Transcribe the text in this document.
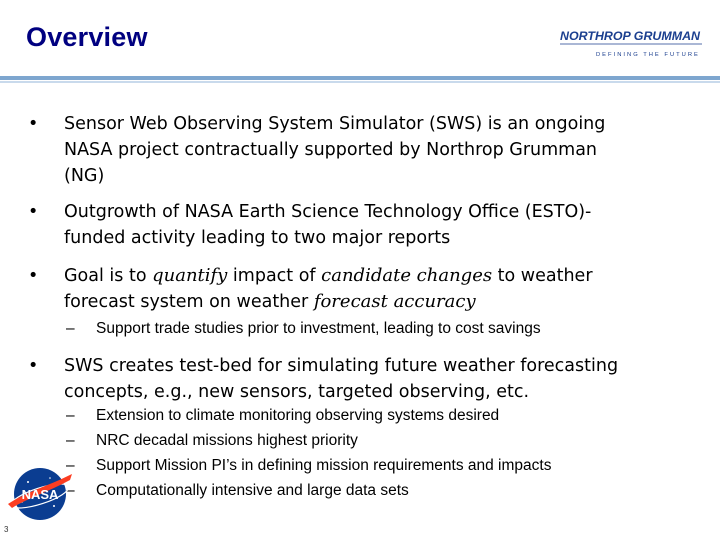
Overview	NORTHROP GRUMMAN
DEFINING THE FUTURE
•	Sensor Web Observing System Simulator (SWS) is an ongoing
NASA project contractually supported by Northrop Grumman
(NG)
•	Outgrowth of NASA Earth Science Technology Office (ESTO)-
funded activity leading to two major reports
•	Goal is to quantify impact of candidate changes to weather
forecast system on weather forecast accuracy
– Support trade studies prior to investment, leading to cost savings
•	SWS creates test-bed for simulating future weather forecasting
concepts, e.g., new sensors, targeted observing, etc.
– Extension to climate monitoring observing systems desired
– NRC decadal missions highest priority
– Support Mission PI’s in defining mission requirements and impacts
– Computationally intensive and large data sets
NASA
3
